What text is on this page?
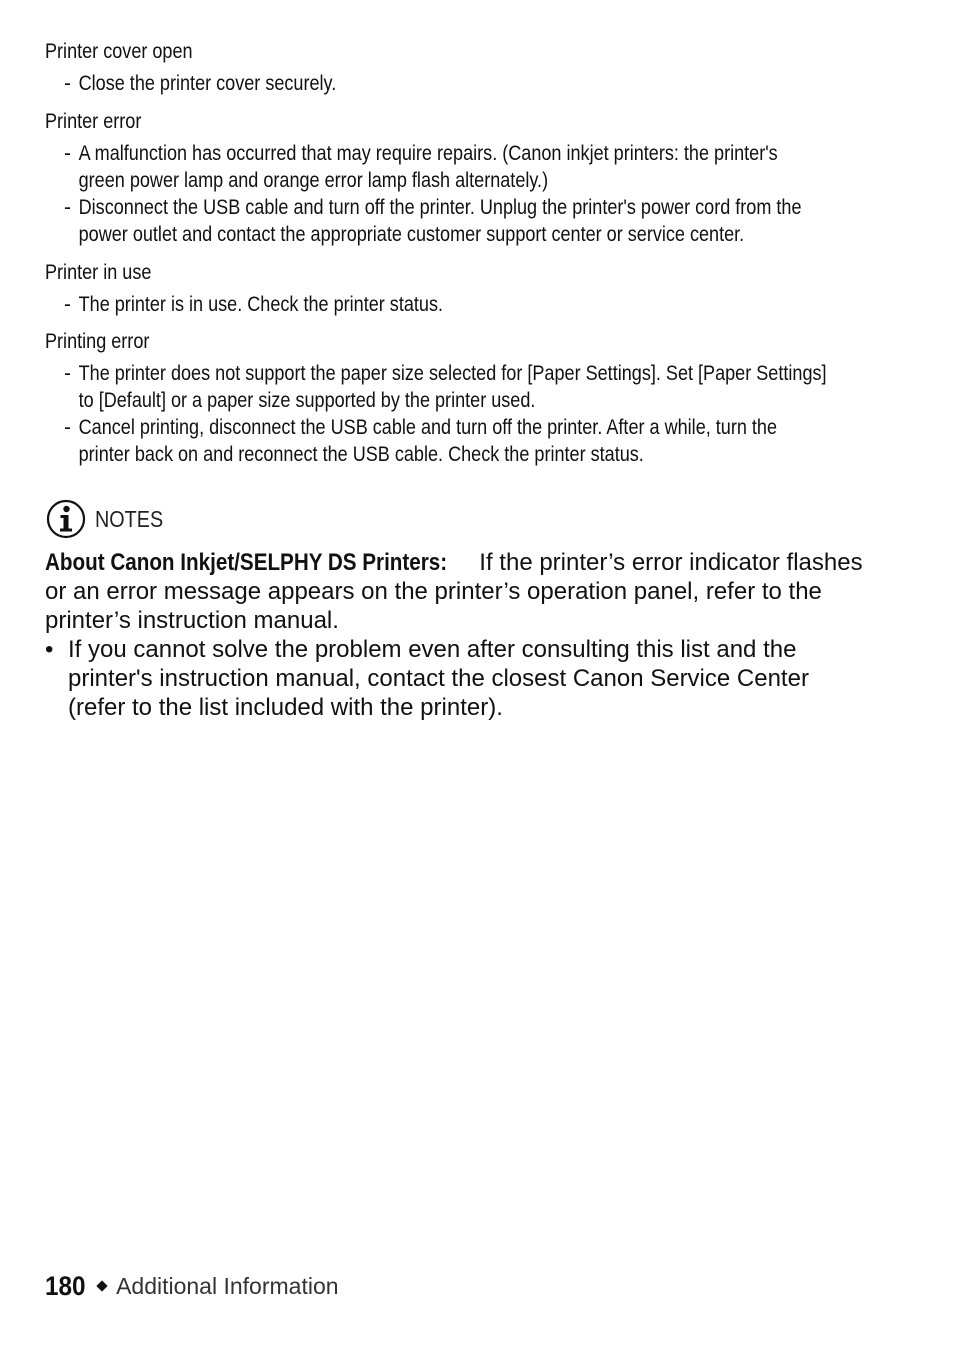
Printer cover open
- Close the printer cover securely.
Printer error
- A malfunction has occurred that may require repairs. (Canon inkjet printers: the printer's
green power lamp and orange error lamp flash alternately.)
- Disconnect the USB cable and turn off the printer. Unplug the printer's power cord from the
power outlet and contact the appropriate customer support center or service center.
Printer in use
- The printer is in use. Check the printer status.
Printing error
- The printer does not support the paper size selected for [Paper Settings]. Set [Paper Settings]
to [Default] or a paper size supported by the printer used.
- Cancel printing, disconnect the USB cable and turn off the printer. After a while, turn the
printer back on and reconnect the USB cable. Check the printer status.
NOTES
About Canon Inkjet/SELPHY DS Printers: If the printer’s error indicator flashes
or an error message appears on the printer’s operation panel, refer to the
printer’s instruction manual.
• If you cannot solve the problem even after consulting this list and the
printer's instruction manual, contact the closest Canon Service Center
(refer to the list included with the printer).
180 Additional Information
